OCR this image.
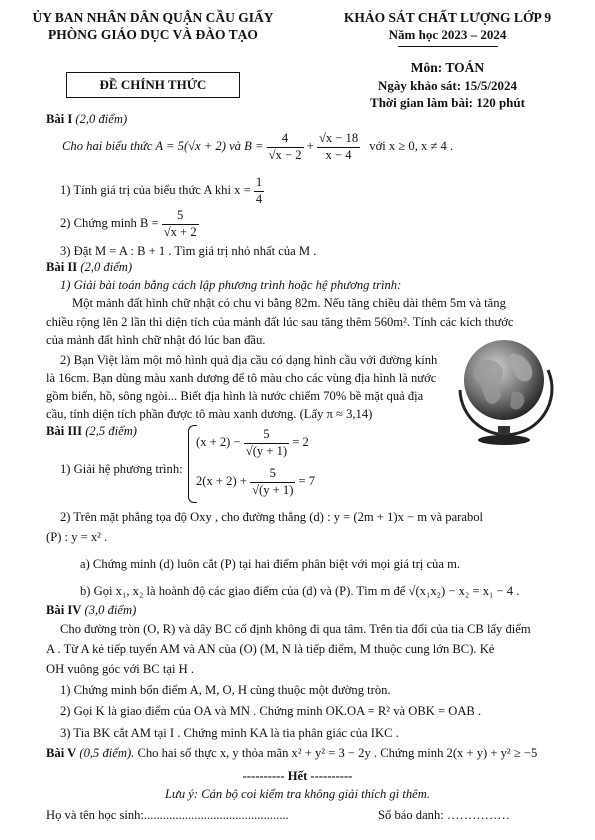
ỦY BAN NHÂN DÂN QUẬN CẦU GIẤY
PHÒNG GIÁO DỤC VÀ ĐÀO TẠO
ĐỀ CHÍNH THỨC
KHẢO SÁT CHẤT LƯỢNG LỚP 9
Năm học 2023 – 2024
Môn: TOÁN
Ngày khảo sát: 15/5/2024
Thời gian làm bài: 120 phút
Bài I (2,0 điểm)
Cho hai biểu thức A = 5(√x + 2) và $B = \frac{4}{√x - 2} + \frac{√x - 18}{x - 4}$ với x ≥ 0, x ≠ 4 .
1) Tính giá trị của biểu thức A khi $x = \frac{1}{4}$
2) Chứng minh $B = \frac{5}{√x + 2}$
3) Đặt M = A : B + 1 . Tìm giá trị nhỏ nhất của M .
Bài II (2,0 điểm)
1) Giải bài toán bằng cách lập phương trình hoặc hệ phương trình:
Một mảnh đất hình chữ nhật có chu vi bằng 82m. Nếu tăng chiều dài thêm 5m và tăng
chiều rộng lên 2 lần thì diện tích của mảnh đất lúc sau tăng thêm 560m². Tính các kích thước
của mảnh đất hình chữ nhật đó lúc ban đầu.
2) Bạn Việt làm một mô hình quả địa cầu có dạng hình cầu với đường kính
là 16cm. Bạn dùng màu xanh dương để tô màu cho các vùng địa hình là nước
gồm biển, hồ, sông ngòi... Biết địa hình là nước chiếm 70% bề mặt quả địa
cầu, tính diện tích phần được tô màu xanh dương. (Lấy π ≈ 3,14)
Bài III (2,5 điểm)
1) Giải hệ phương trình:
$(x + 2) - \frac{5}{√(y + 1)} = 2$
$2(x + 2) + \frac{5}{√(y + 1)} = 7$
2) Trên mặt phẳng tọa độ Oxy , cho đường thẳng (d) : y = (2m + 1)x − m và parabol
(P) : y = x² .
a) Chứng minh (d) luôn cắt (P) tại hai điểm phân biệt với mọi giá trị của m.
b) Gọi x₁, x₂ là hoành độ các giao điểm của (d) và (P). Tìm m để √(x₁x₂) − x₂ = x₁ − 4 .
Bài IV (3,0 điểm)
Cho đường tròn (O, R) và dây BC cố định không đi qua tâm. Trên tia đối của tia CB lấy điểm
A . Từ A kẻ tiếp tuyến AM và AN của (O) (M, N là tiếp điểm, M thuộc cung lớn BC). Kẻ
OH vuông góc với BC tại H .
1) Chứng minh bốn điểm A, M, O, H cùng thuộc một đường tròn.
2) Gọi K là giao điểm của OA và MN . Chứng minh OK.OA = R² và OBK = OAB .
3) Tia BK cắt AM tại I . Chứng minh KA là tia phân giác của IKC .
Bài V (0,5 điểm). Cho hai số thực x, y thỏa mãn x² + y² = 3 − 2y . Chứng minh 2(x + y) + y² ≥ −5
---------- Hết ----------
Lưu ý: Cán bộ coi kiểm tra không giải thích gì thêm.
Họ và tên học sinh:..............................................	Số báo danh: ……………
